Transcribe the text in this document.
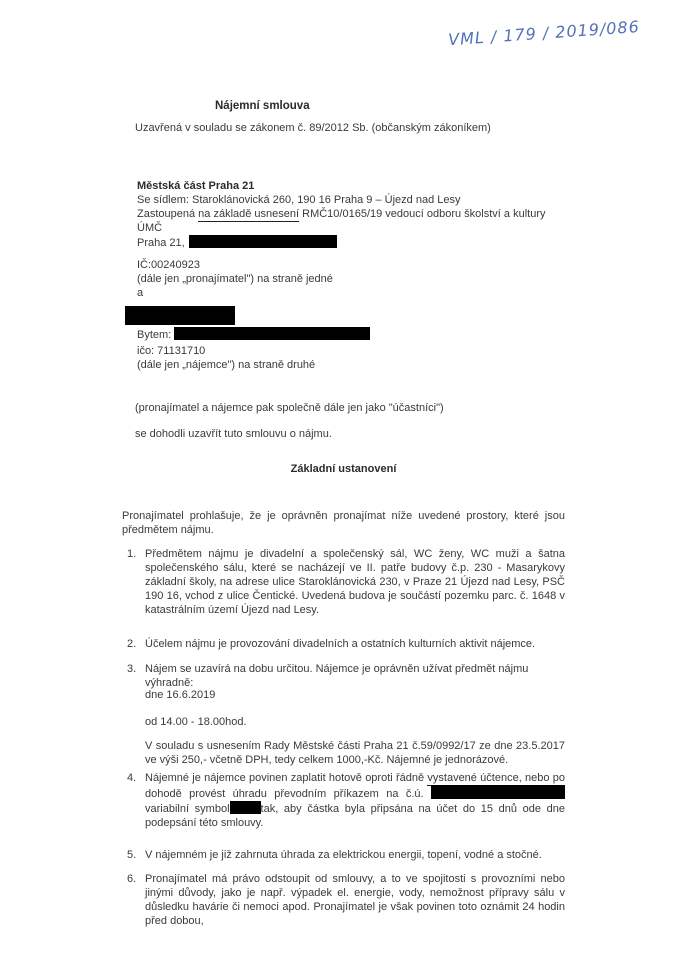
VML / 179 / 2019/086
Nájemní smlouva
Uzavřená v souladu se zákonem č. 89/2012 Sb. (občanským zákoníkem)
Městská část Praha 21
Se sídlem: Staroklánovická 260, 190 16 Praha 9 – Újezd nad Lesy
Zastoupená na základě usnesení RMČ10/0165/19 vedoucí odboru školství a kultury ÚMČ
Praha 21,
IČ:00240923
(dále jen „pronajímatel") na straně jedné
a
Bytem:
ičo: 71131710
(dále jen „nájemce") na straně druhé
(pronajímatel a nájemce pak společně dále jen jako "účastníci")
se dohodli uzavřít tuto smlouvu o nájmu.
Základní ustanovení
Pronajímatel prohlašuje, že je oprávněn pronajímat níže uvedené prostory, které jsou předmětem nájmu.
1. Předmětem nájmu je divadelní a společenský sál, WC ženy, WC muži a šatna společenského sálu, které se nacházejí ve II. patře budovy č.p. 230 - Masarykovy základní školy, na adrese ulice Staroklánovická 230, v Praze 21 Újezd nad Lesy, PSČ 190 16, vchod z ulice Čentické. Uvedená budova je součástí pozemku parc. č. 1648 v katastrálním území Újezd nad Lesy.
2. Účelem nájmu je provozování divadelních a ostatních kulturních aktivit nájemce.
3. Nájem se uzavírá na dobu určitou. Nájemce je oprávněn užívat předmět nájmu výhradně:
dne 16.6.2019
od 14.00 - 18.00hod.
V souladu s usnesením Rady Městské části Praha 21 č.59/0992/17 ze dne 23.5.2017 ve výši 250,- včetně DPH, tedy celkem 1000,-Kč. Nájemné je jednorázové.
4. Nájemné je nájemce povinen zaplatit hotově oproti řádně vystavené účtence, nebo po dohodě provést úhradu převodním příkazem na č.ú.  variabilní symbol	tak, aby částka byla připsána na účet do 15 dnů ode dne podepsání této smlouvy.
5. V nájemném je již zahrnuta úhrada za elektrickou energii, topení, vodné a stočné.
6. Pronajímatel má právo odstoupit od smlouvy, a to ve spojitosti s provozními nebo jinými důvody, jako je např. výpadek el. energie, vody, nemožnost přípravy sálu v důsledku havárie či nemoci apod. Pronajímatel je však povinen toto oznámit 24 hodin před dobou,
